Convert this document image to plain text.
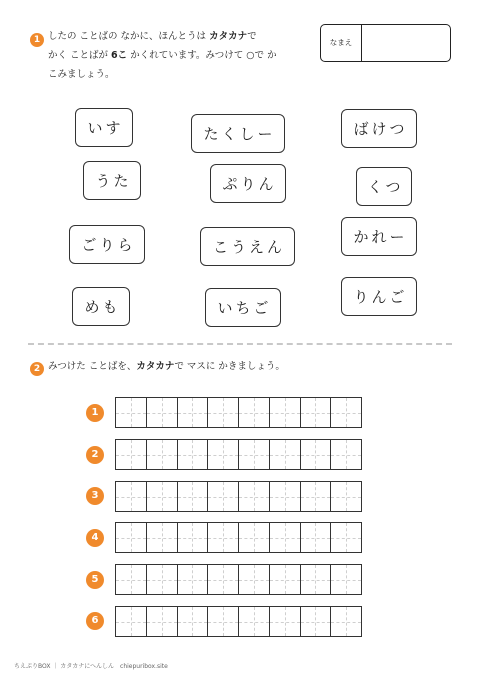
1 したの ことばの なかに、ほんとうは カタカナで
かく ことばが 6こ かくれています。みつけて ○で か
こみましょう。
なまえ
いす	たくしー	ばけつ
うた	ぷりん	くつ
ごりら	こうえん
かれー
めも	いちご
りんご
2 みつけた ことばを、カタカナで マスに かきましょう。
1
2
3
4
5
6
ちえぷりBOX ｜ カタカナにへんしん　chiepuribox.site
